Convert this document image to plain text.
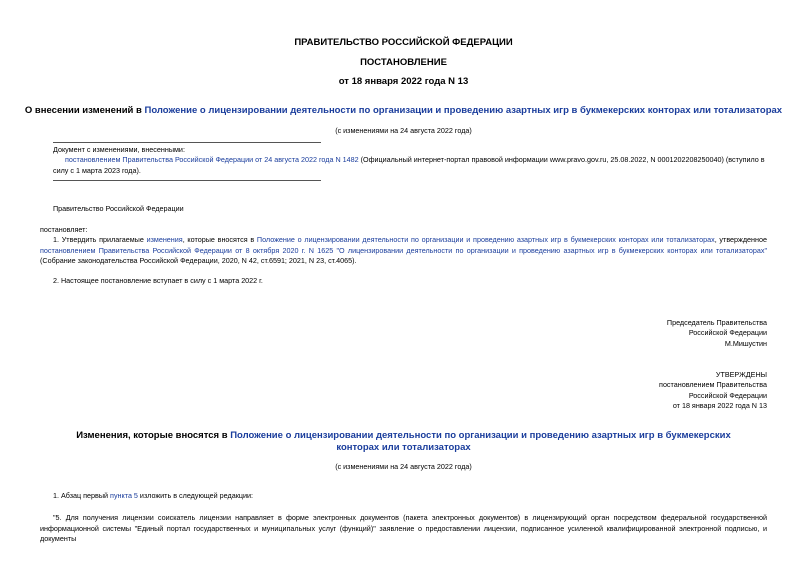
ПРАВИТЕЛЬСТВО РОССИЙСКОЙ ФЕДЕРАЦИИ
ПОСТАНОВЛЕНИЕ
от 18 января 2022 года N 13
О внесении изменений в Положение о лицензировании деятельности по организации и проведению азартных игр в букмекерских конторах или тотализаторах
(с изменениями на 24 августа 2022 года)
Документ с изменениями, внесенными:
постановлением Правительства Российской Федерации от 24 августа 2022 года N 1482 (Официальный интернет-портал правовой информации www.pravo.gov.ru, 25.08.2022, N 0001202208250040) (вступило в силу с 1 марта 2023 года).
Правительство Российской Федерации
постановляет:
1. Утвердить прилагаемые изменения, которые вносятся в Положение о лицензировании деятельности по организации и проведению азартных игр в букмекерских конторах или тотализаторах, утвержденное постановлением Правительства Российской Федерации от 8 октября 2020 г. N 1625 "О лицензировании деятельности по организации и проведению азартных игр в букмекерских конторах или тотализаторах" (Собрание законодательства Российской Федерации, 2020, N 42, ст.6591; 2021, N 23, ст.4065).
2. Настоящее постановление вступает в силу с 1 марта 2022 г.
Председатель Правительства
Российской Федерации
М.Мишустин
УТВЕРЖДЕНЫ
постановлением Правительства
Российской Федерации
от 18 января 2022 года N 13
Изменения, которые вносятся в Положение о лицензировании деятельности по организации и проведению азартных игр в букмекерских конторах или тотализаторах
(с изменениями на 24 августа 2022 года)
1. Абзац первый пункта 5 изложить в следующей редакции:
"5. Для получения лицензии соискатель лицензии направляет в форме электронных документов (пакета электронных документов) в лицензирующий орган посредством федеральной государственной информационной системы "Единый портал государственных и муниципальных услуг (функций)" заявление о предоставлении лицензии, подписанное усиленной квалифицированной электронной подписью, и документы
